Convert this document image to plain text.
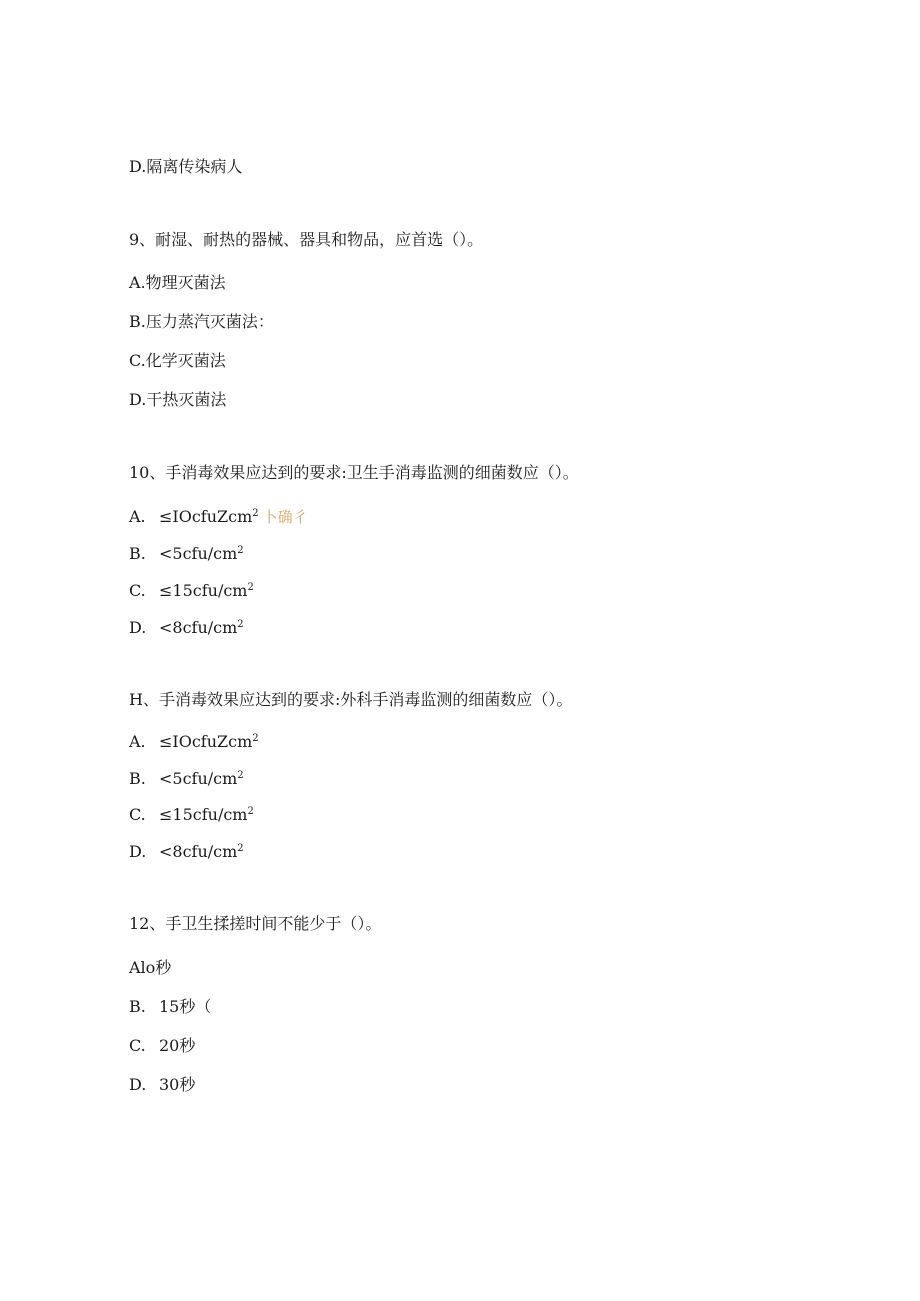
D.隔离传染病人
9、耐湿、耐热的器械、器具和物品，应首选（）。
A.物理灭菌法
B.压力蒸汽灭菌法：
C.化学灭菌法
D.干热灭菌法
10、手消毒效果应达到的要求:卫生手消毒监测的细菌数应（）。
A. ≤IOcfuZcm$^2$ 卜确彳
B. $<5cfu∕cm^2$
C. $\le 15cfu∕cm^2$
D. $<8cfu∕cm^2$
H、手消毒效果应达到的要求:外科手消毒监测的细菌数应（）。
A. ≤IOcfuZcm$^2$
B. $<5cfu∕cm^2$
C. $\le 15cfu∕cm^2$
D. $<8cfu∕cm^2$
12、手卫生揉搓时间不能少于（）。
Alo秒
B. 15秒（
C. 20秒
D. 30秒
